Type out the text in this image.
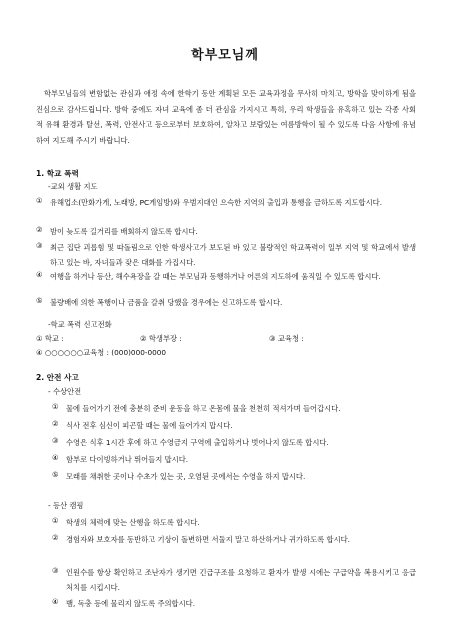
학부모님께
학부모님들의 변함없는 관심과 애정 속에 한학기 동안 계획된 모든 교육과정을 무사히 마치고, 방학을 맞이하게 됨을 진심으로 감사드립니다. 방학 중에도 자녀 교육에 좀 더 관심을 가지시고 특히, 우리 학생들을 유혹하고 있는 각종 사회적 유해 환경과 탈선, 폭력, 안전사고 등으로부터 보호하여, 알차고 보람있는 여름방학이 될 수 있도록 다음 사항에 유념하여 지도해 주시기 바랍니다.
1. 학교 폭력
-교외 생활 지도
① 유해업소(만화가게, 노래방, PC게임방)와 우범지대인 으슥한 지역의 출입과 통행을 금하도록 지도합시다.
② 밤이 늦도록 길거리를 배회하지 않도록 합시다.
③ 최근 집단 괴롭힘 및 따돌림으로 인한 학생사고가 보도된 바 있고 불량적인 학교폭력이 일부 지역 및 학교에서 발생하고 있는 바, 자녀들과 잦은 대화를 가집시다.
④ 여행을 하거나 등산, 해수욕장을 갈 때는 부모님과 동행하거나 어른의 지도하에 움직일 수 있도록 합시다.
⑤ 불량배에 의한 폭행이나 금품을 갈취 당했을 경우에는 신고하도록 합시다.
-학교 폭력 신고전화
① 학교 :	② 학생부장 :	③ 교육청 :
④ ○○○○○○교육청 : (000)000-0000
2. 안전 사고
- 수상안전
① 물에 들어가기 전에 충분히 준비 운동을 하고 온몸에 물을 천천히 적셔가며 들어갑시다.
② 식사 전후 심신이 피곤할 때는 물에 들어가지 맙시다.
③ 수영은 식후 1시간 후에 하고 수영금지 구역에 출입하거나 벗어나지 않도록 합시다.
④ 함부로 다이빙하거나 뛰어들지 맙시다.
⑤ 모래를 채취한 곳이나 수초가 있는 곳, 오염된 곳에서는 수영을 하지 맙시다.
- 등산 캠핑
① 학생의 체력에 맞는 산행을 하도록 합시다.
② 경험자와 보호자를 동반하고 기상이 돌변하면 서둘지 말고 하산하거나 귀가하도록 합시다.
③ 인원수를 항상 확인하고 조난자가 생기면 긴급구조를 요청하고 환자가 발생 시에는 구급약을 복용시키고 응급 처치를 시킵시다.
④ 뱀, 독충 등에 물리지 않도록 주의합시다.
